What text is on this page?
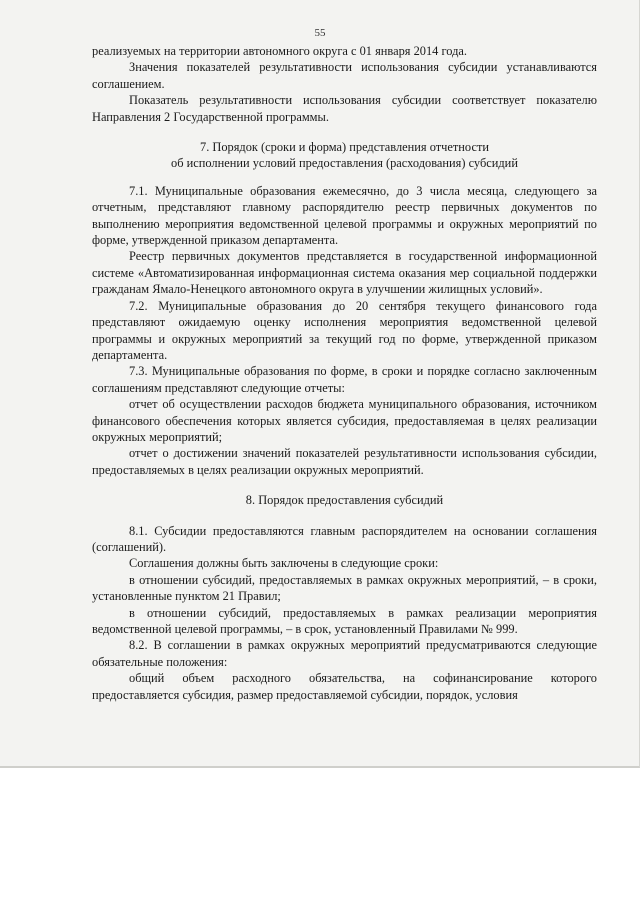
55

реализуемых на территории автономного округа с 01 января 2014 года.

Значения показателей результативности использования субсидии устанавливаются соглашением.

Показатель результативности использования субсидии соответствует показателю Направления 2 Государственной программы.

7. Порядок (сроки и форма) представления отчетности

об исполнении условий предоставления (расходования) субсидий

7.1. Муниципальные образования ежемесячно, до 3 числа месяца, следующего за отчетным, представляют главному распорядителю реестр первичных документов по выполнению мероприятия ведомственной целевой программы и окружных мероприятий по форме, утвержденной приказом департамента.

Реестр первичных документов представляется в государственной информационной системе «Автоматизированная информационная система оказания мер социальной поддержки гражданам Ямало-Ненецкого автономного округа в улучшении жилищных условий».

7.2. Муниципальные образования до 20 сентября текущего финансового года представляют ожидаемую оценку исполнения мероприятия ведомственной целевой программы и окружных мероприятий за текущий год по форме, утвержденной приказом департамента.

7.3. Муниципальные образования по форме, в сроки и порядке согласно заключенным соглашениям представляют следующие отчеты:

отчет об осуществлении расходов бюджета муниципального образования, источником финансового обеспечения которых является субсидия, предоставляемая в целях реализации окружных мероприятий;

отчет о достижении значений показателей результативности использования субсидии, предоставляемых в целях реализации окружных мероприятий.

8. Порядок предоставления субсидий

8.1. Субсидии предоставляются главным распорядителем на основании соглашения (соглашений).

Соглашения должны быть заключены в следующие сроки:

в отношении субсидий, предоставляемых в рамках окружных мероприятий, – в сроки, установленные пунктом 21 Правил;

в отношении субсидий, предоставляемых в рамках реализации мероприятия ведомственной целевой программы, – в срок, установленный Правилами № 999.

8.2. В соглашении в рамках окружных мероприятий предусматриваются следующие обязательные положения:

общий объем расходного обязательства, на софинансирование которого предоставляется субсидия, размер предоставляемой субсидии, порядок, условия
